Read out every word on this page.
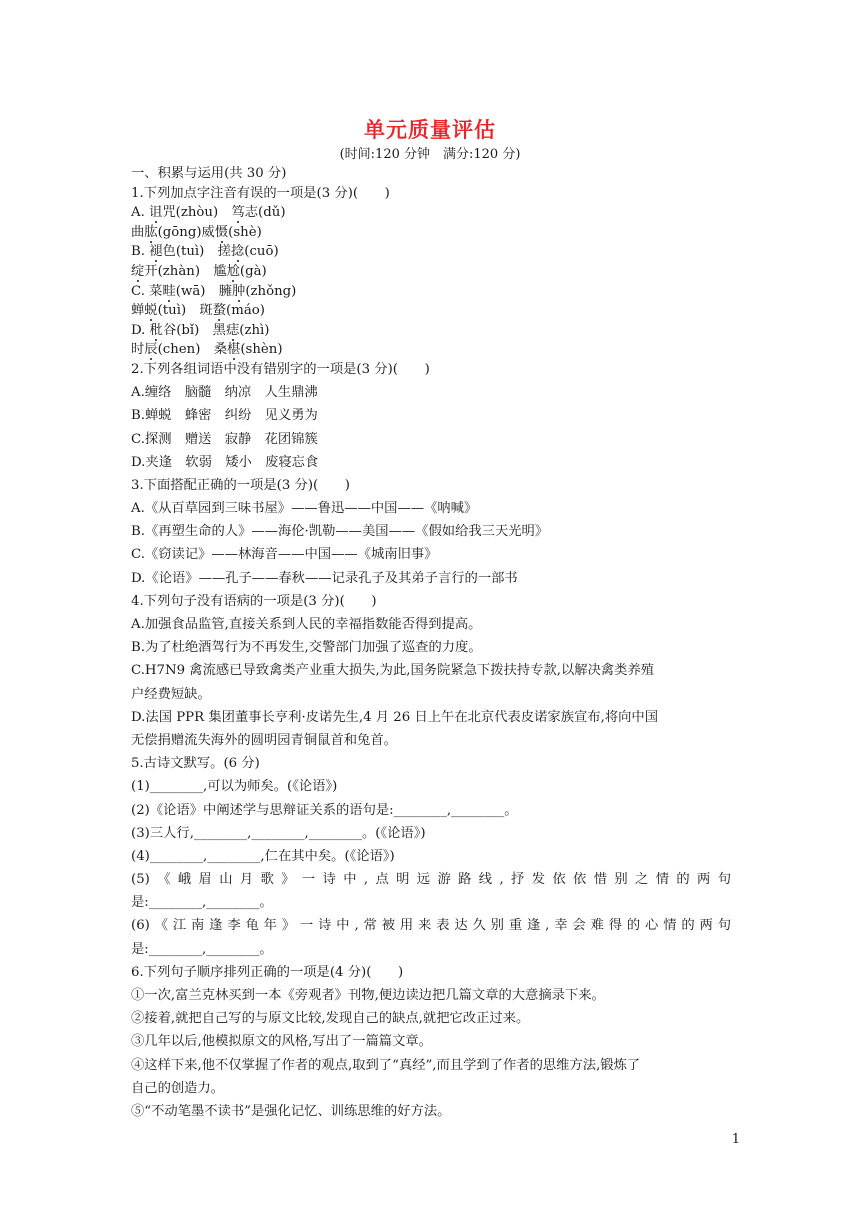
单元质量评估
(时间:120 分钟　满分:120 分)
一、积累与运用(共 30 分)
1.下列加点字注音有误的一项是(3 分)(　　)
A. 诅咒(zhòu)　笃志(dǔ)
曲肱(gōng)威慑(shè)
B. 褪色(tuì)　搓捻(cuō)
绽开(zhàn)　尴尬(gà)
C. 菜畦(wā)　臃肿(zhǒng)
蝉蜕(tuì)　斑蝥(máo)
D. 秕谷(bǐ)　黑痣(zhì)
时辰(chen)　桑椹(shèn)
2.下列各组词语中没有错别字的一项是(3 分)(　　)
A.缠络　脑髓　纳凉　人生鼎沸
B.蝉蜕　蜂密　纠纷　见义勇为
C.探测　赠送　寂静　花团锦簇
D.夹逢　软弱　矮小　废寝忘食
3.下面搭配正确的一项是(3 分)(　　)
A.《从百草园到三味书屋》——鲁迅——中国——《呐喊》
B.《再塑生命的人》——海伦·凯勒——美国——《假如给我三天光明》
C.《窃读记》——林海音——中国——《城南旧事》
D.《论语》——孔子——春秋——记录孔子及其弟子言行的一部书
4.下列句子没有语病的一项是(3 分)(　　)
A.加强食品监管,直接关系到人民的幸福指数能否得到提高。
B.为了杜绝酒驾行为不再发生,交警部门加强了巡查的力度。
C.H7N9 禽流感已导致禽类产业重大损失,为此,国务院紧急下拨扶持专款,以解决禽类养殖
户经费短缺。
D.法国 PPR 集团董事长亨利·皮诺先生,4 月 26 日上午在北京代表皮诺家族宣布,将向中国
无偿捐赠流失海外的圆明园青铜鼠首和兔首。
5.古诗文默写。(6 分)
(1)________,可以为师矣。(《论语》)
(2)《论语》中阐述学与思辩证关系的语句是:________,________。
(3)三人行,________,________,________。(《论语》)
(4)________,________,仁在其中矣。(《论语》)
(5)《峨眉山月歌》一诗中,点明远游路线,抒发依依惜别之情的两句
是:________,________。
(6)《江南逢李龟年》一诗中,常被用来表达久别重逢,幸会难得的心情的两句
是:________,________。
6.下列句子顺序排列正确的一项是(4 分)(　　)
①一次,富兰克林买到一本《旁观者》刊物,便边读边把几篇文章的大意摘录下来。
②接着,就把自己写的与原文比较,发现自己的缺点,就把它改正过来。
③几年以后,他模拟原文的风格,写出了一篇篇文章。
④这样下来,他不仅掌握了作者的观点,取到了“真经”,而且学到了作者的思维方法,锻炼了
自己的创造力。
⑤“不动笔墨不读书”是强化记忆、训练思维的好方法。
1
